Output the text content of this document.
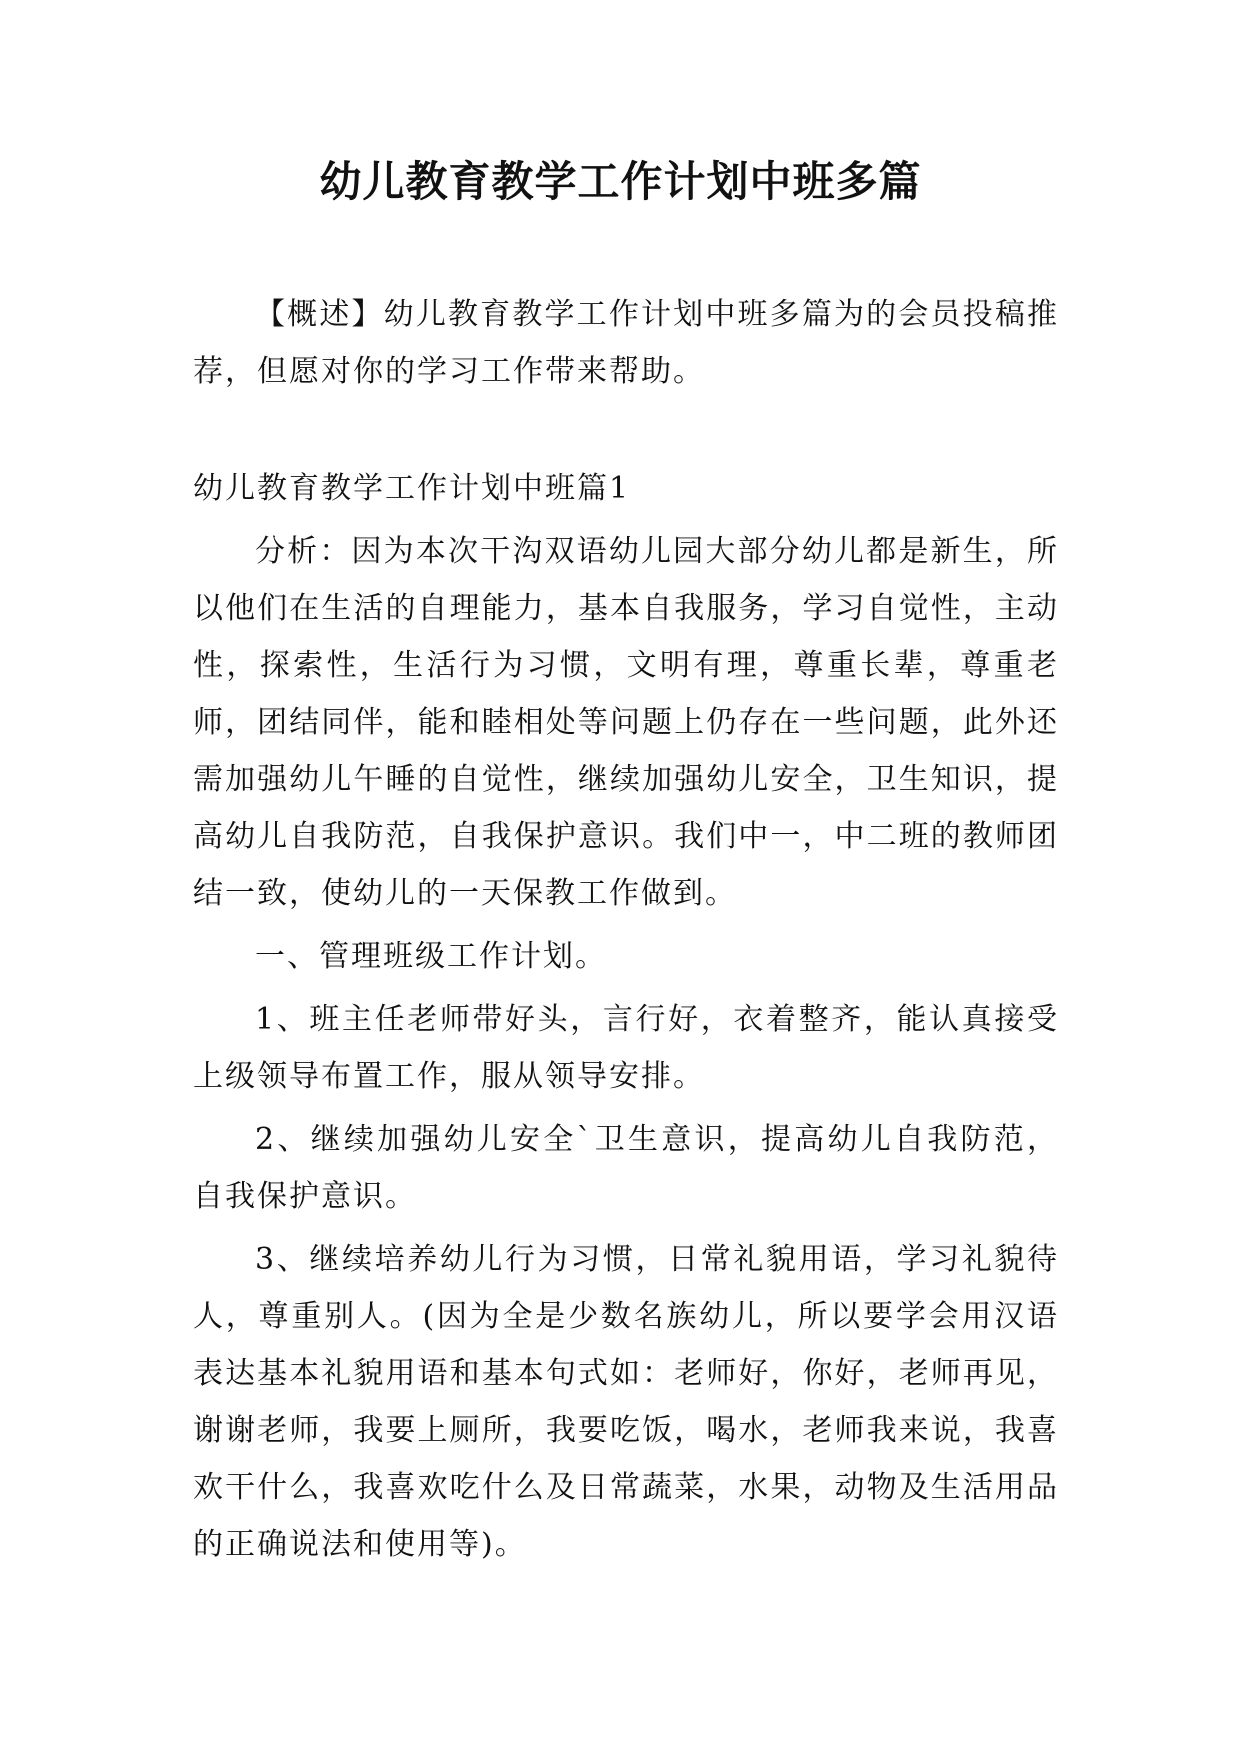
幼儿教育教学工作计划中班多篇

【概述】幼儿教育教学工作计划中班多篇为的会员投稿推荐，但愿对你的学习工作带来帮助。

幼儿教育教学工作计划中班篇1

分析：因为本次干沟双语幼儿园大部分幼儿都是新生，所以他们在生活的自理能力，基本自我服务，学习自觉性，主动性，探索性，生活行为习惯，文明有理，尊重长辈，尊重老师，团结同伴，能和睦相处等问题上仍存在一些问题，此外还需加强幼儿午睡的自觉性，继续加强幼儿安全，卫生知识，提高幼儿自我防范，自我保护意识。我们中一，中二班的教师团结一致，使幼儿的一天保教工作做到。

一、管理班级工作计划。

1、班主任老师带好头，言行好，衣着整齐，能认真接受上级领导布置工作，服从领导安排。

2、继续加强幼儿安全`卫生意识，提高幼儿自我防范，自我保护意识。

3、继续培养幼儿行为习惯，日常礼貌用语，学习礼貌待人，尊重别人。(因为全是少数名族幼儿，所以要学会用汉语表达基本礼貌用语和基本句式如：老师好，你好，老师再见，谢谢老师，我要上厕所，我要吃饭，喝水，老师我来说，我喜欢干什么，我喜欢吃什么及日常蔬菜，水果，动物及生活用品的正确说法和使用等)。
